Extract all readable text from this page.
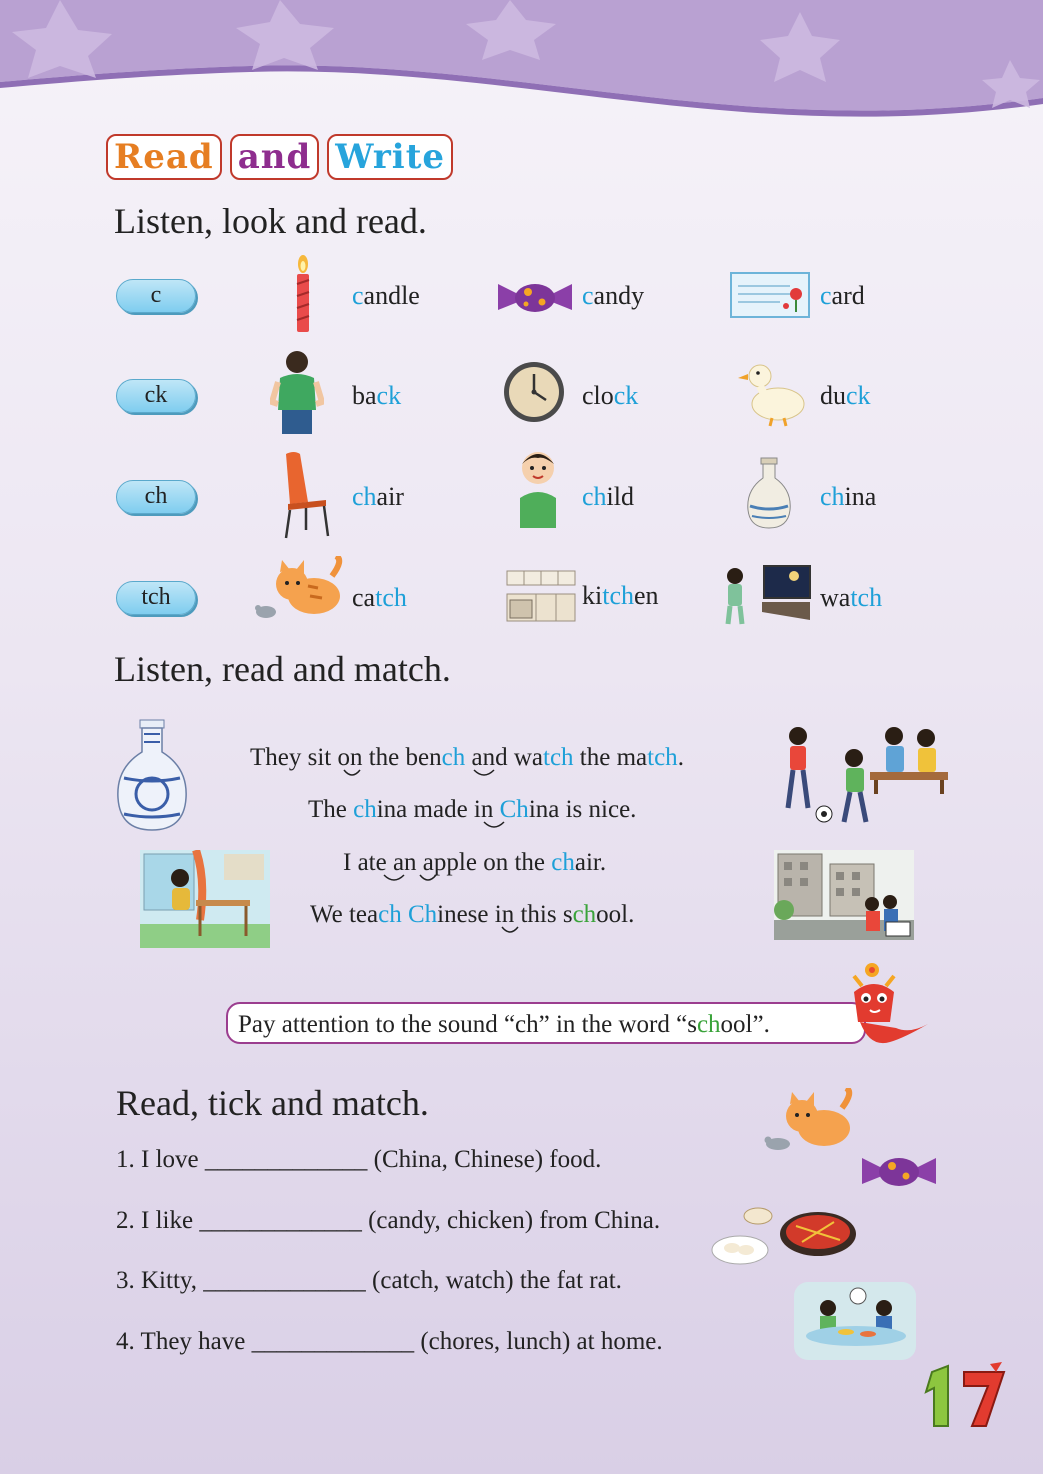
Read and Write
Listen, look and read.
c	candle	candy	card
ck	back	clock	duck
ch	chair	child	china
tch	catch	kitchen	watch
Listen, read and match.
They sit on the bench and watch the match.
The china made in China is nice.
I ate an apple on the chair.
We teach Chinese in this school.
Pay attention to the sound “ch” in the word “school”.
Read, tick and match.
1. I love _____________ (China, Chinese) food.
2. I like _____________ (candy, chicken) from China.
3. Kitty, _____________ (catch, watch) the fat rat.
4. They have _____________ (chores, lunch) at home.
